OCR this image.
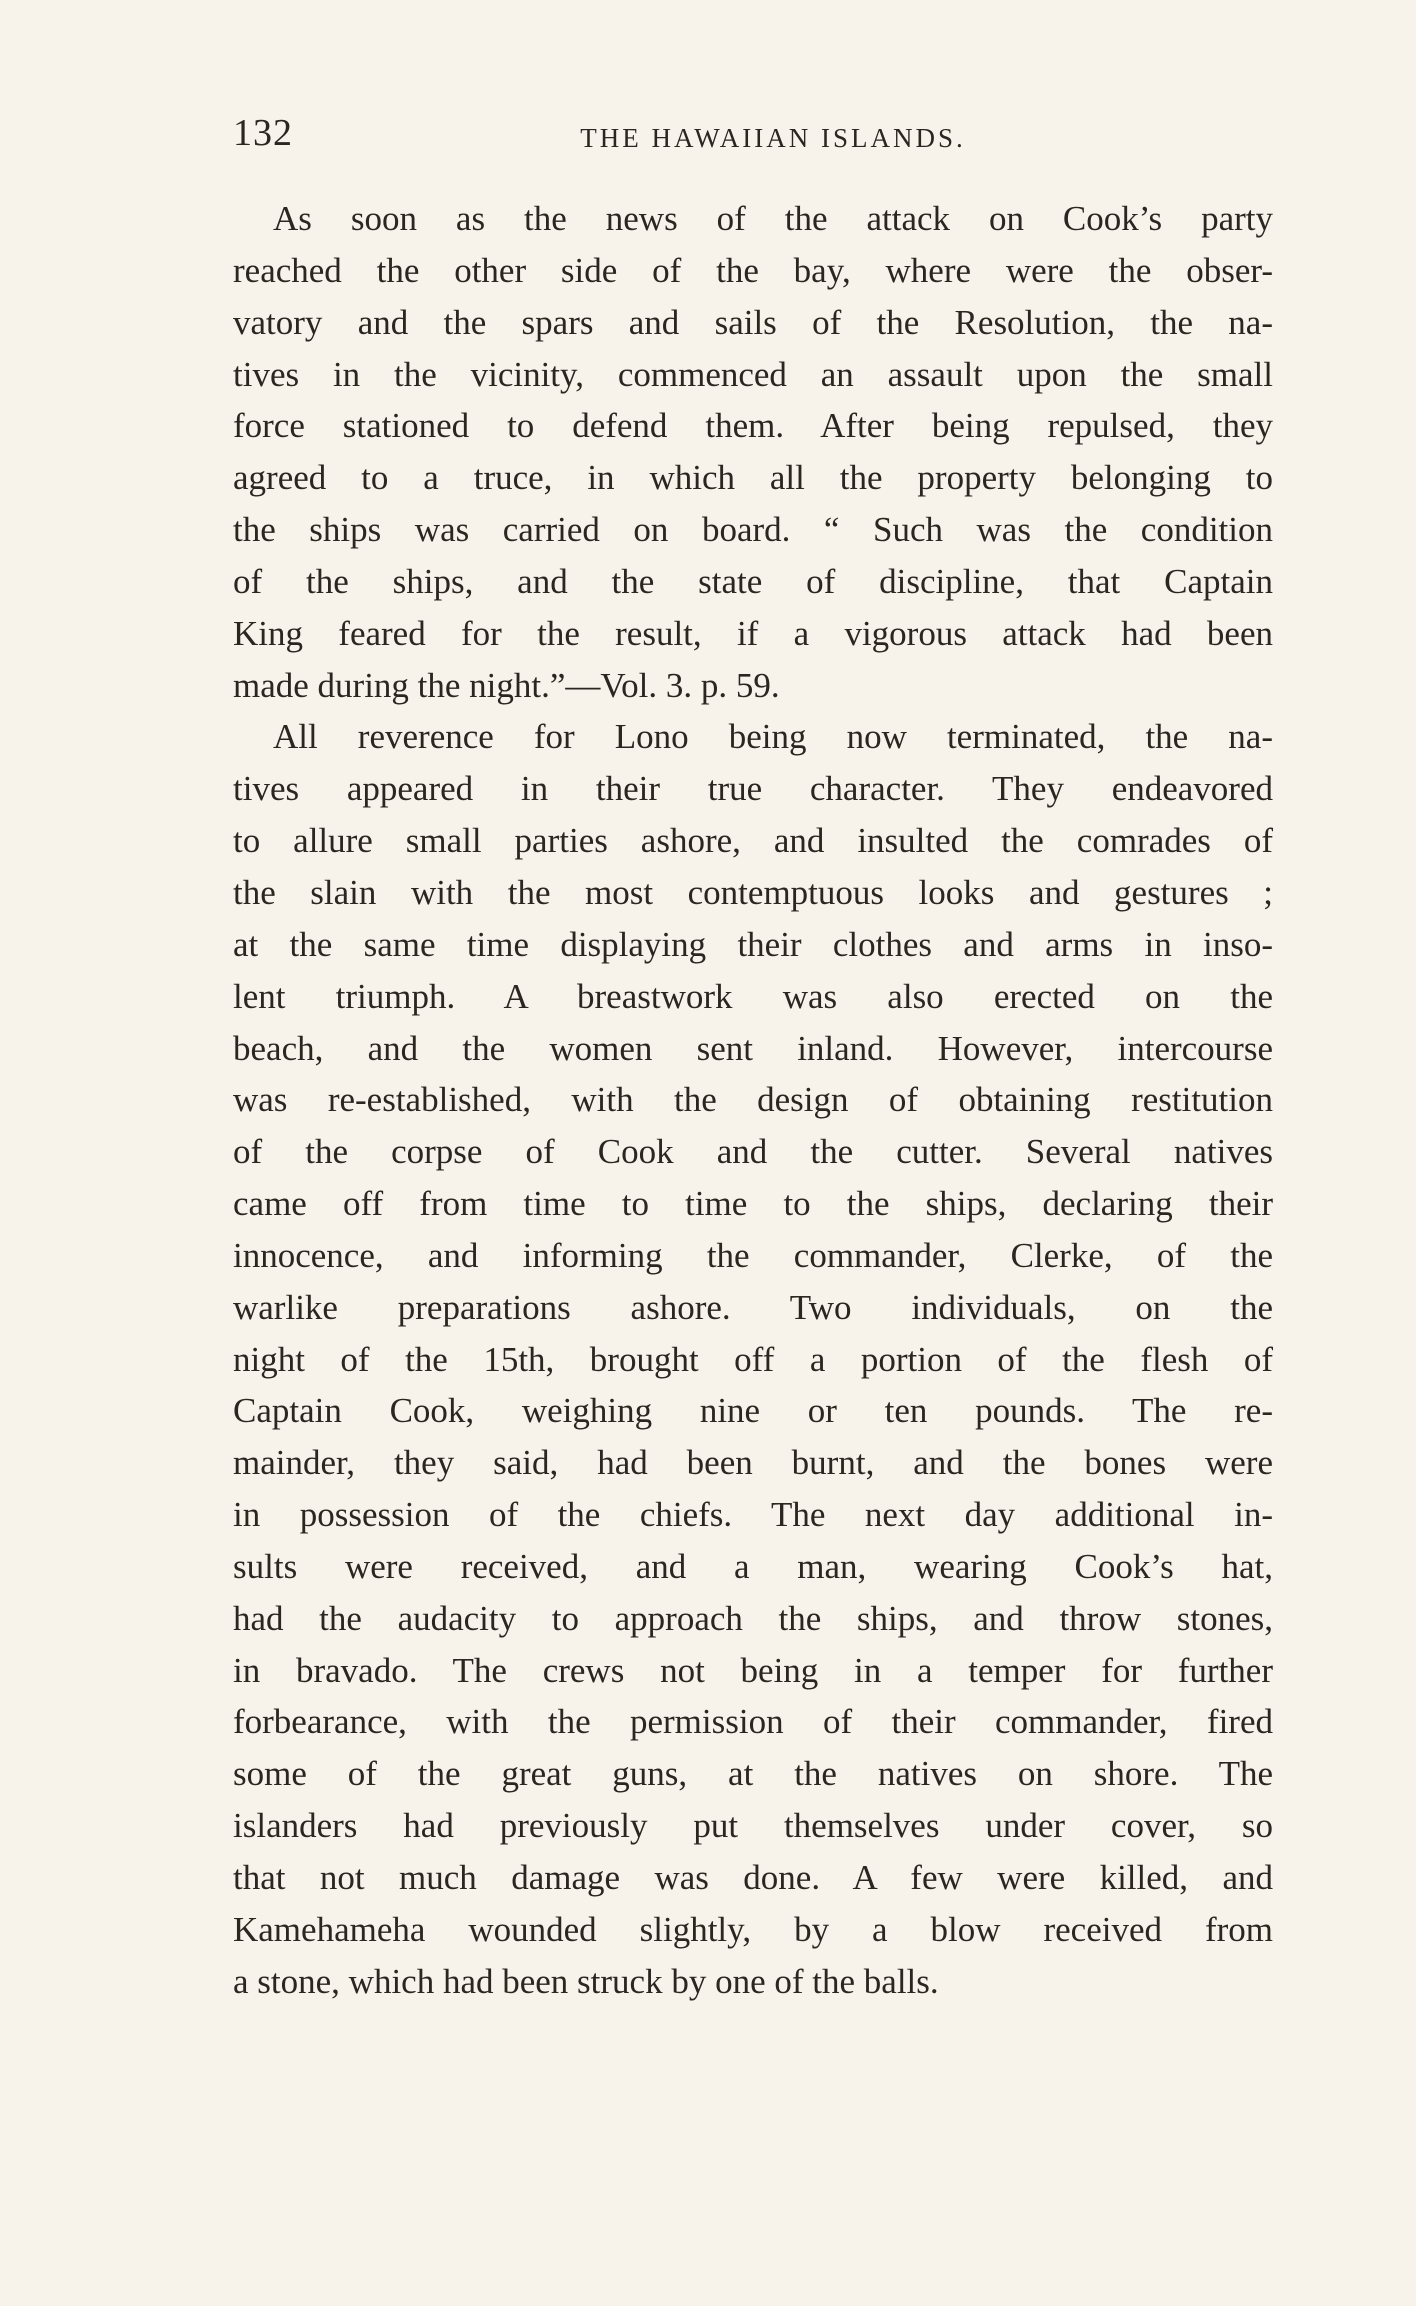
132	THE HAWAIIAN ISLANDS.

As soon as the news of the attack on Cook’s party
reached the other side of the bay, where were the obser-
vatory and the spars and sails of the Resolution, the na-
tives in the vicinity, commenced an assault upon the small
force stationed to defend them. After being repulsed, they
agreed to a truce, in which all the property belonging to
the ships was carried on board. “ Such was the condition
of the ships, and the state of discipline, that Captain
King feared for the result, if a vigorous attack had been
made during the night.”—Vol. 3. p. 59.

All reverence for Lono being now terminated, the na-
tives appeared in their true character. They endeavored
to allure small parties ashore, and insulted the comrades of
the slain with the most contemptuous looks and gestures ;
at the same time displaying their clothes and arms in inso-
lent triumph. A breastwork was also erected on the
beach, and the women sent inland. However, intercourse
was re-established, with the design of obtaining restitution
of the corpse of Cook and the cutter. Several natives
came off from time to time to the ships, declaring their
innocence, and informing the commander, Clerke, of the
warlike preparations ashore. Two individuals, on the
night of the 15th, brought off a portion of the flesh of
Captain Cook, weighing nine or ten pounds. The re-
mainder, they said, had been burnt, and the bones were
in possession of the chiefs. The next day additional in-
sults were received, and a man, wearing Cook’s hat,
had the audacity to approach the ships, and throw stones,
in bravado. The crews not being in a temper for further
forbearance, with the permission of their commander, fired
some of the great guns, at the natives on shore. The
islanders had previously put themselves under cover, so
that not much damage was done. A few were killed, and
Kamehameha wounded slightly, by a blow received from
a stone, which had been struck by one of the balls.
